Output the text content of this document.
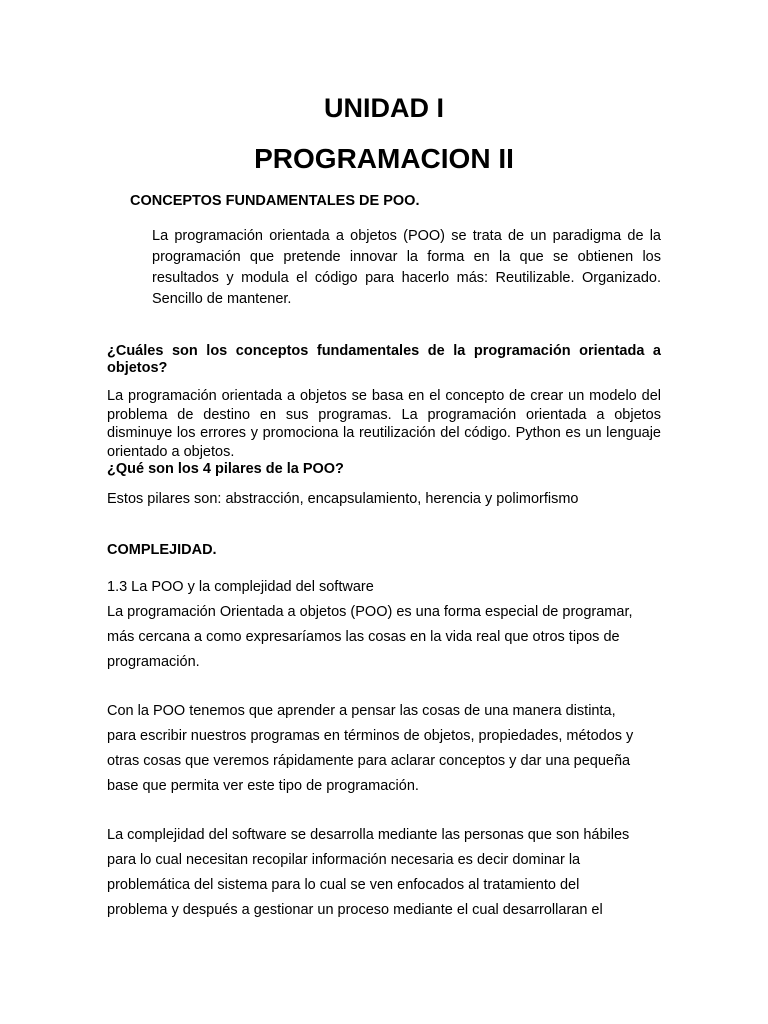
UNIDAD I
PROGRAMACION II
CONCEPTOS FUNDAMENTALES DE POO.

La programación orientada a objetos (POO) se trata de un paradigma de la programación que pretende innovar la forma en la que se obtienen los resultados y modula el código para hacerlo más: Reutilizable. Organizado. Sencillo de mantener.

¿Cuáles son los conceptos fundamentales de la programación orientada a objetos?

La programación orientada a objetos se basa en el concepto de crear un modelo del problema de destino en sus programas. La programación orientada a objetos disminuye los errores y promociona la reutilización del código. Python es un lenguaje orientado a objetos.

¿Qué son los 4 pilares de la POO?

Estos pilares son: abstracción, encapsulamiento, herencia y polimorfismo

COMPLEJIDAD.
1.3 La POO y la complejidad del software
La programación Orientada a objetos (POO) es una forma especial de programar,
más cercana a como expresaríamos las cosas en la vida real que otros tipos de
programación.
Con la POO tenemos que aprender a pensar las cosas de una manera distinta,
para escribir nuestros programas en términos de objetos, propiedades, métodos y
otras cosas que veremos rápidamente para aclarar conceptos y dar una pequeña
base que permita ver este tipo de programación.
La complejidad del software se desarrolla mediante las personas que son hábiles
para lo cual necesitan recopilar información necesaria es decir dominar la
problemática del sistema para lo cual se ven enfocados al tratamiento del
problema y después a gestionar un proceso mediante el cual desarrollaran el
